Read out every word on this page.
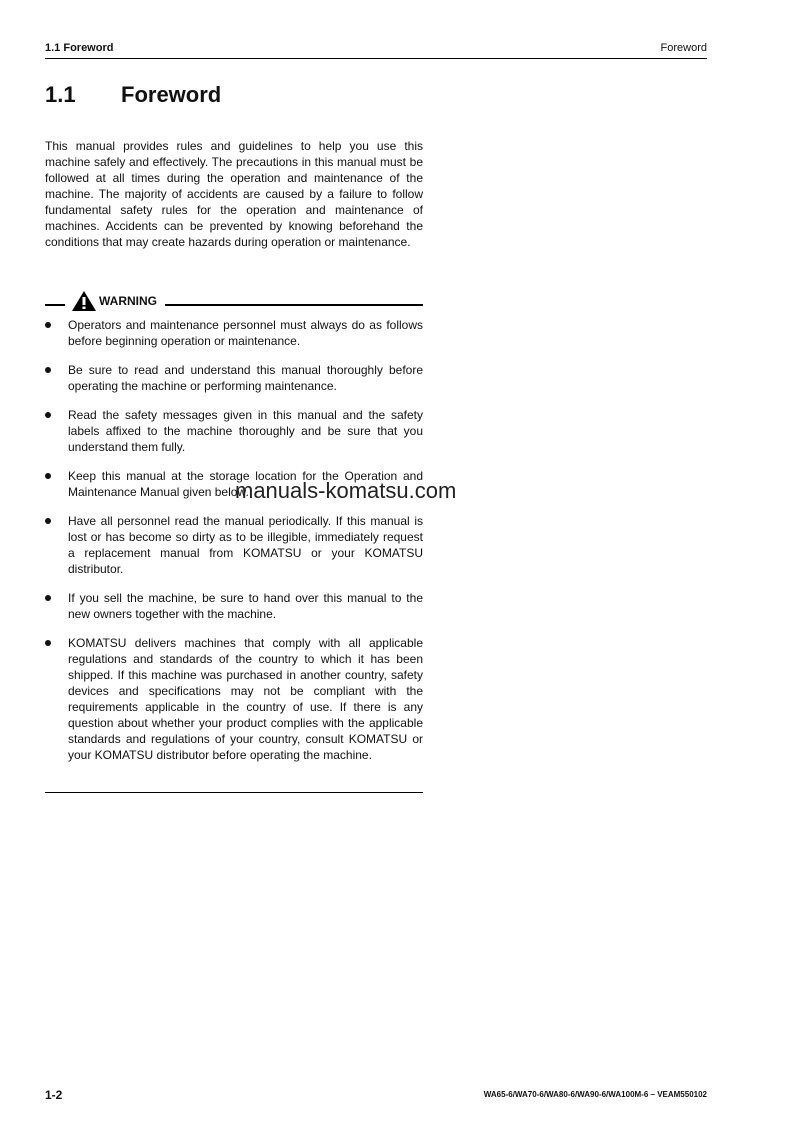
1.1 Foreword	Foreword
1.1 Foreword
This manual provides rules and guidelines to help you use this machine safely and effectively. The precautions in this manual must be followed at all times during the operation and maintenance of the machine. The majority of accidents are caused by a failure to follow fundamental safety rules for the operation and maintenance of machines. Accidents can be prevented by knowing beforehand the conditions that may create hazards during operation or maintenance.
WARNING
Operators and maintenance personnel must always do as follows before beginning operation or maintenance.
Be sure to read and understand this manual thoroughly before operating the machine or performing maintenance.
Read the safety messages given in this manual and the safety labels affixed to the machine thoroughly and be sure that you understand them fully.
Keep this manual at the storage location for the Operation and Maintenance Manual given below.
Have all personnel read the manual periodically. If this manual is lost or has become so dirty as to be illegible, immediately request a replacement manual from KOMATSU or your KOMATSU distributor.
If you sell the machine, be sure to hand over this manual to the new owners together with the machine.
KOMATSU delivers machines that comply with all applicable regulations and standards of the country to which it has been shipped. If this machine was purchased in another country, safety devices and specifications may not be compliant with the requirements applicable in the country of use. If there is any question about whether your product complies with the applicable standards and regulations of your country, consult KOMATSU or your KOMATSU distributor before operating the machine.
manuals-komatsu.com
1-2	WA65-6/WA70-6/WA80-6/WA90-6/WA100M-6 – VEAM550102
